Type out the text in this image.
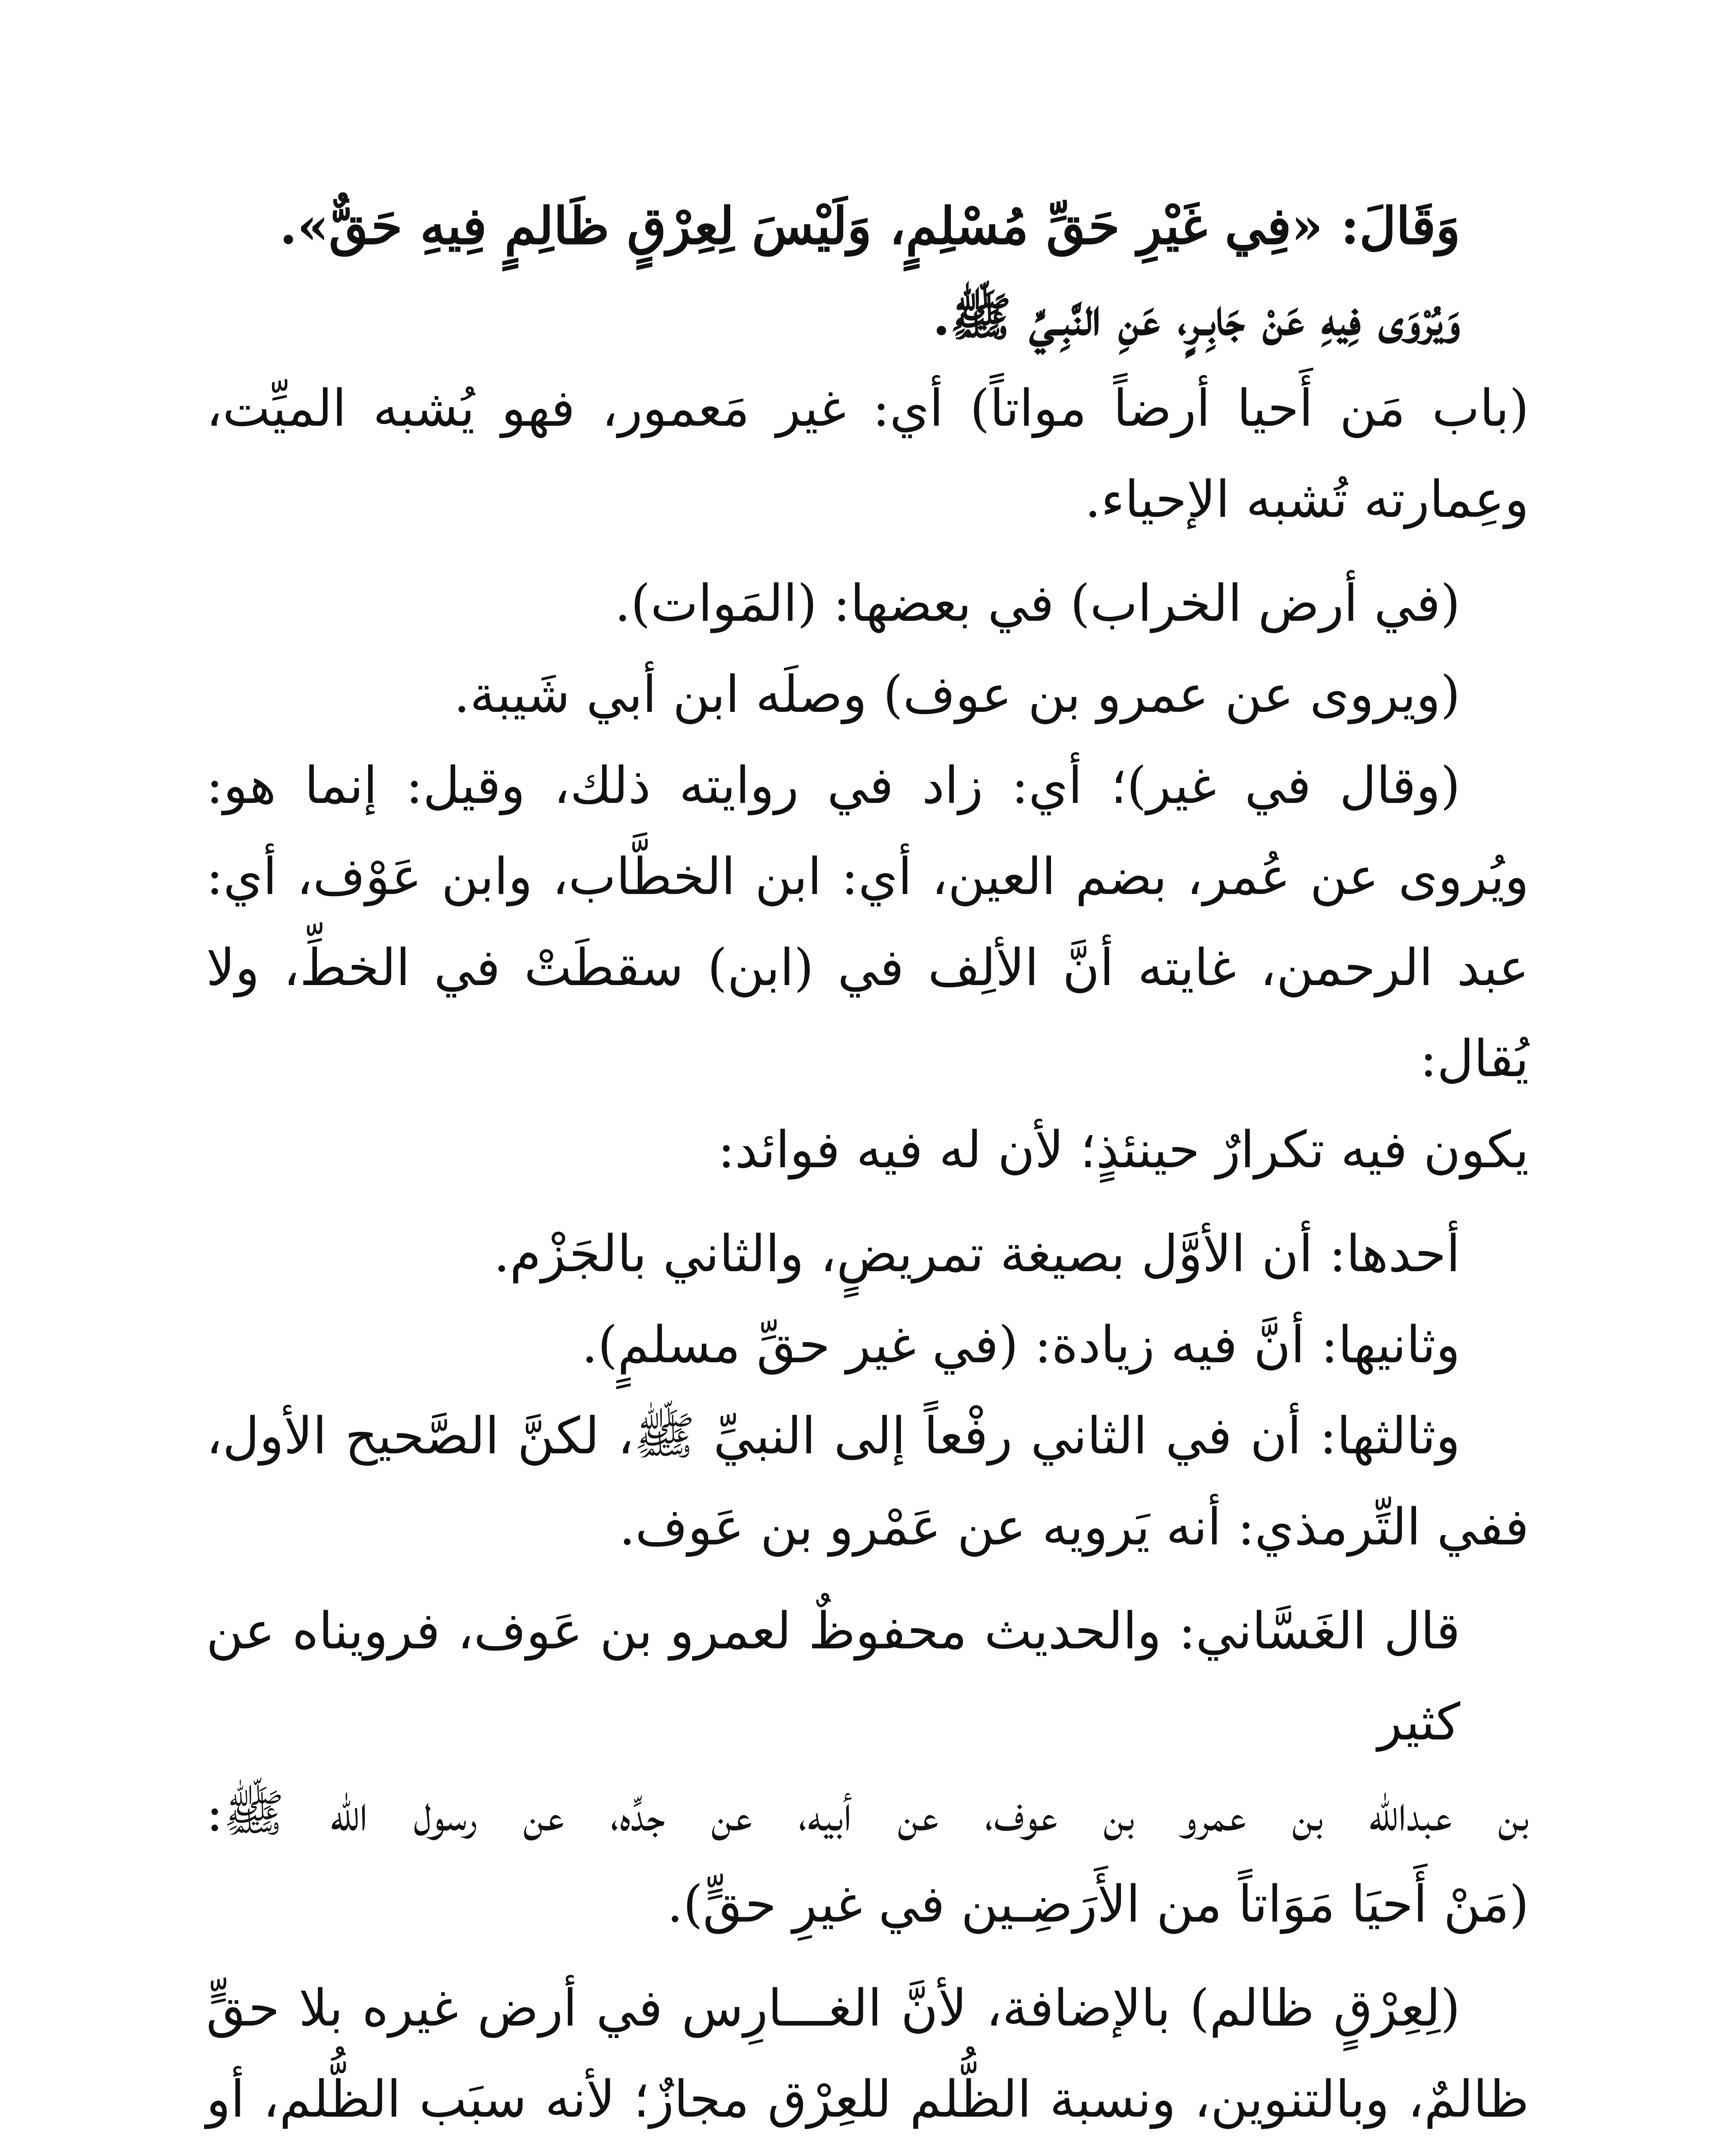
وَقَالَ: «فِي غَيْرِ حَقِّ مُسْلِمٍ، وَلَيْسَ لِعِرْقٍ ظَالِمٍ فِيهِ حَقٌّ».
وَيُرْوَى فِيهِ عَنْ جَابِـرٍ، عَنِ النَّبِـيِّ ﷺ.
(باب مَن أَحيا أرضاً مواتاً) أي: غير مَعمور، فهو يُشبه الميِّت،
وعِمارته تُشبه الإحياء.
(في أرض الخراب) في بعضها: (المَوات).
(ويروى عن عمرو بن عوف) وصلَه ابن أبي شَيبة.
(وقال في غير)؛ أي: زاد في روايته ذلك، وقيل: إنما هو:
ويُروى عن عُمر، بضم العين، أي: ابن الخطَّاب، وابن عَوْف، أي:
عبد الرحمن، غايته أنَّ الألِف في (ابن) سقطَتْ في الخطِّ، ولا يُقال:
يكون فيه تكرارٌ حينئذٍ؛ لأن له فيه فوائد:
أحدها: أن الأوَّل بصيغة تمريضٍ، والثاني بالجَزْم.
وثانيها: أنَّ فيه زيادة: (في غير حقِّ مسلمٍ).
وثالثها: أن في الثاني رفْعاً إلى النبيِّ ﷺ، لكنَّ الصَّحيح الأول،
ففي التِّرمذي: أنه يَرويه عن عَمْرو بن عَوف.
قال الغَسَّاني: والحديث محفوظٌ لعمرو بن عَوف، فرويناه عن كثير
بن عبدالله بن عمرو بن عوف، عن أبيه، عن جدِّه، عن رسول الله ﷺ:
(مَنْ أَحيَا مَوَاتاً من الأَرَضِـين في غيرِ حقٍّ).
(لِعِرْقٍ ظالم) بالإضافة، لأنَّ الغـــارِس في أرض غيره بلا حقٍّ
ظالمٌ، وبالتنوين، ونسبة الظُّلم للعِرْق مجازٌ؛ لأنه سبَب الظُّلم، أو
